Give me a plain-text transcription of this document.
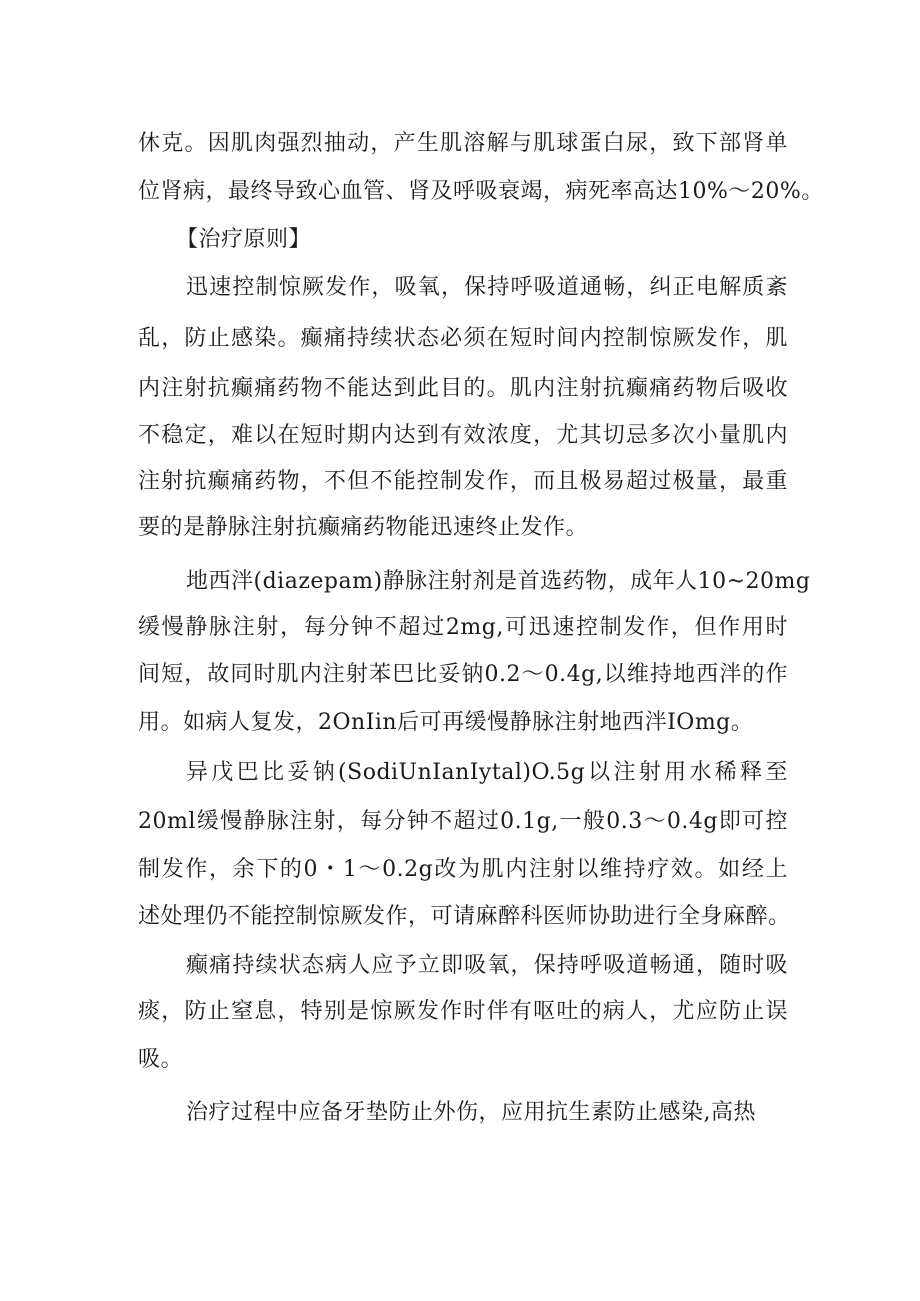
休克。因肌肉强烈抽动，产生肌溶解与肌球蛋白尿，致下部肾单
位肾病，最终导致心血管、肾及呼吸衰竭，病死率高达10%～20%。
【治疗原则】
迅速控制惊厥发作，吸氧，保持呼吸道通畅，纠正电解质紊
乱，防止感染。癫痛持续状态必须在短时间内控制惊厥发作，肌
内注射抗癫痛药物不能达到此目的。肌内注射抗癫痛药物后吸收
不稳定，难以在短时期内达到有效浓度，尤其切忌多次小量肌内
注射抗癫痛药物，不但不能控制发作，而且极易超过极量，最重
要的是静脉注射抗癫痛药物能迅速终止发作。
地西泮(diazepam)静脉注射剂是首选药物，成年人10~20mg
缓慢静脉注射，每分钟不超过2mg,可迅速控制发作，但作用时
间短，故同时肌内注射苯巴比妥钠0.2～0.4g,以维持地西泮的作
用。如病人复发，2OnIin后可再缓慢静脉注射地西泮IOmg。
异戊巴比妥钠(SodiUnIanIytal)O.5g以注射用水稀释至
20ml缓慢静脉注射，每分钟不超过0.1g,一般0.3～0.4g即可控
制发作，余下的0・1～0.2g改为肌内注射以维持疗效。如经上
述处理仍不能控制惊厥发作，可请麻醉科医师协助进行全身麻醉。
癫痛持续状态病人应予立即吸氧，保持呼吸道畅通，随时吸
痰，防止窒息，特别是惊厥发作时伴有呕吐的病人，尤应防止误
吸。
治疗过程中应备牙垫防止外伤，应用抗生素防止感染,高热
